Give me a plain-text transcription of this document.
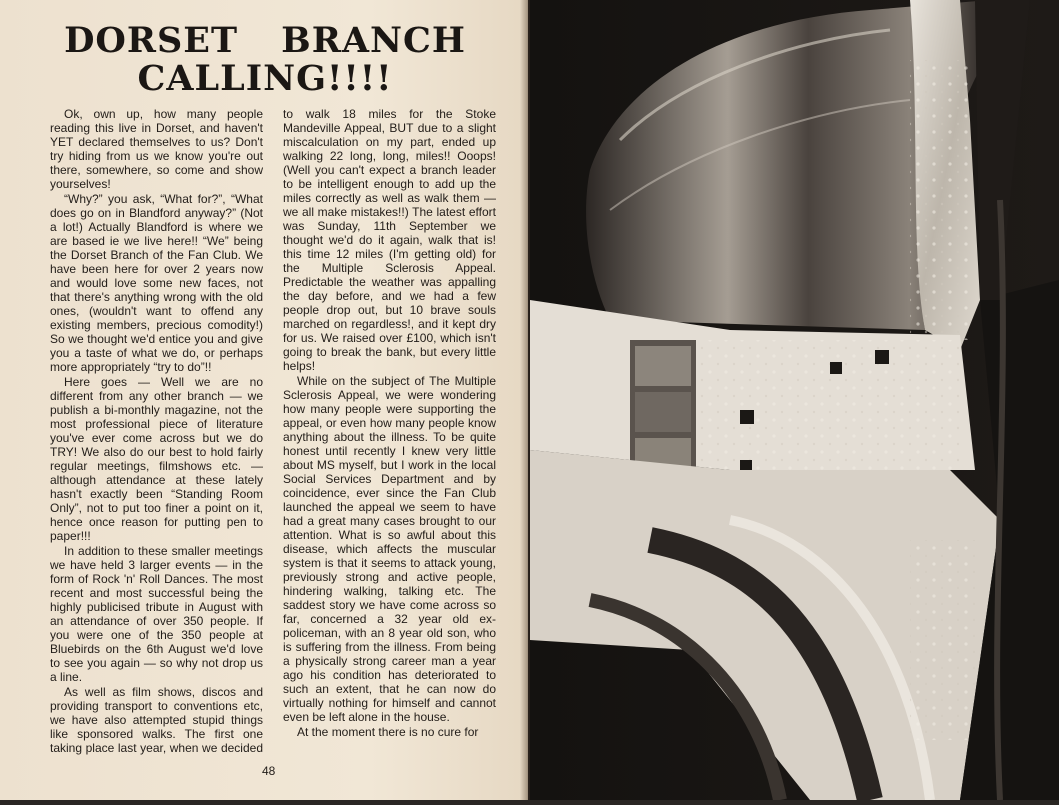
DORSET BRANCH
CALLING!!!!

Ok, own up, how many people reading this live in Dorset, and haven't YET declared themselves to us? Don't try hiding from us we know you're out there, somewhere, so come and show yourselves!

“Why?” you ask, “What for?”, “What does go on in Blandford anyway?” (Not a lot!) Actually Blandford is where we are based ie we live here!! “We” being the Dorset Branch of the Fan Club. We have been here for over 2 years now and would love some new faces, not that there's anything wrong with the old ones, (wouldn't want to offend any existing members, precious comodity!) So we thought we'd entice you and give you a taste of what we do, or perhaps more appropriately “try to do”!!

Here goes — Well we are no different from any other branch — we publish a bi-monthly magazine, not the most professional piece of literature you've ever come across but we do TRY! We also do our best to hold fairly regular meetings, filmshows etc. — although attendance at these lately hasn't exactly been “Standing Room Only”, not to put too finer a point on it, hence once reason for putting pen to paper!!!

In addition to these smaller meetings we have held 3 larger events — in the form of Rock 'n' Roll Dances. The most recent and most successful being the highly publicised tribute in August with an attendance of over 350 people. If you were one of the 350 people at Bluebirds on the 6th August we'd love to see you again — so why not drop us a line.

As well as film shows, discos and providing transport to conventions etc, we have also attempted stupid things like sponsored walks. The first one taking place last year, when we decided to walk 18 miles for the Stoke Mandeville Appeal, BUT due to a slight miscalculation on my part, ended up walking 22 long, long, miles!! Ooops! (Well you can't expect a branch leader to be intelligent enough to add up the miles correctly as well as walk them — we all make mistakes!!) The latest effort was Sunday, 11th September we thought we'd do it again, walk that is! this time 12 miles (I'm getting old) for the Multiple Sclerosis Appeal. Predictable the weather was appalling the day before, and we had a few people drop out, but 10 brave souls marched on regardless!, and it kept dry for us. We raised over £100, which isn't going to break the bank, but every little helps!

While on the subject of The Multiple Sclerosis Appeal, we were wondering how many people were supporting the appeal, or even how many people know anything about the illness. To be quite honest until recently I knew very little about MS myself, but I work in the local Social Services Department and by coincidence, ever since the Fan Club launched the appeal we seem to have had a great many cases brought to our attention. What is so awful about this disease, which affects the muscular system is that it seems to attack young, previously strong and active people, hindering walking, talking etc. The saddest story we have come across so far, concerned a 32 year old ex-policeman, with an 8 year old son, who is suffering from the illness. From being a physically strong career man a year ago his condition has deteriorated to such an extent, that he can now do virtually nothing for himself and cannot even be left alone in the house.

At the moment there is no cure for

48
